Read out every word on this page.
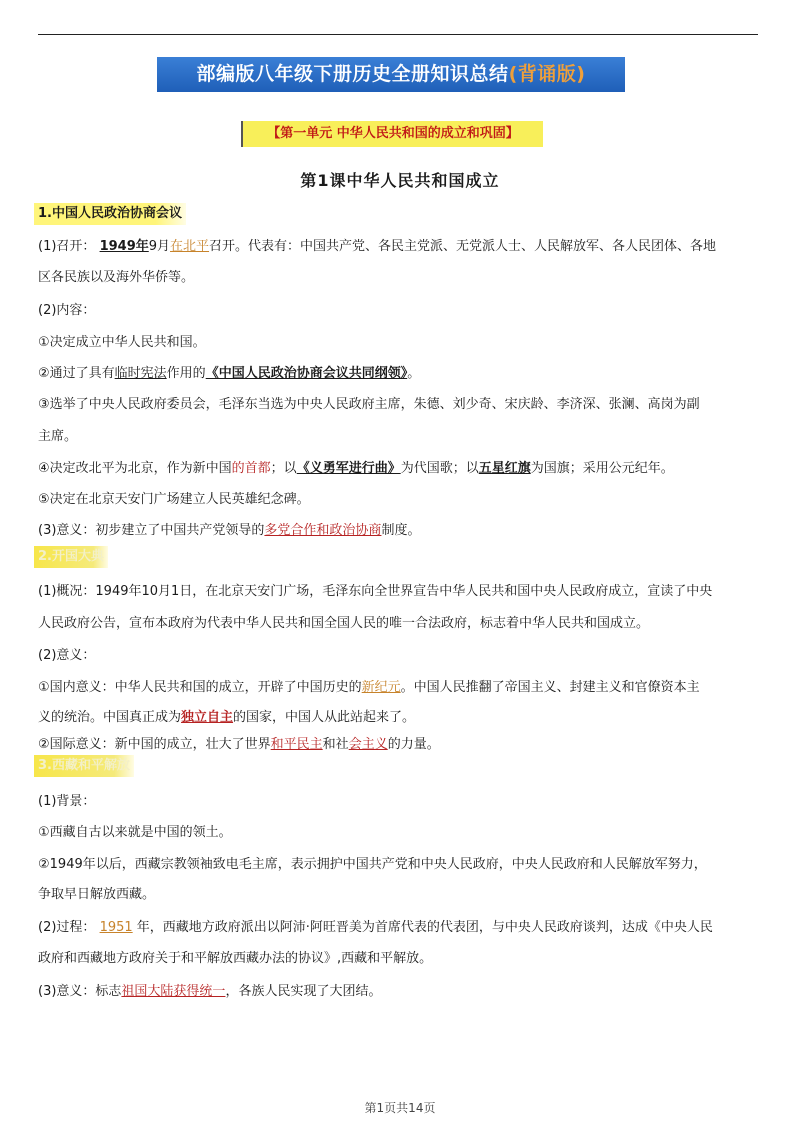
部编版八年级下册历史全册知识总结(背诵版)
【第一单元 中华人民共和国的成立和巩固】
第1课中华人民共和国成立
1.中国人民政治协商会议
(1)召开： 1949年9月在北平召开。代表有：中国共产党、各民主党派、无党派人士、人民解放军、各人民团体、各地
区各民族以及海外华侨等。
(2)内容：
①决定成立中华人民共和国。
②通过了具有临时宪法作用的《中国人民政治协商会议共同纲领》。
③选举了中央人民政府委员会，毛泽东当选为中央人民政府主席，朱德、刘少奇、宋庆龄、李济深、张澜、高岗为副
主席。
④决定改北平为北京，作为新中国的首都；以《义勇军进行曲》为代国歌；以五星红旗为国旗；采用公元纪年。
⑤决定在北京天安门广场建立人民英雄纪念碑。
(3)意义：初步建立了中国共产党领导的多党合作和政治协商制度。
2.开国大典
(1)概况：1949年10月1日，在北京天安门广场，毛泽东向全世界宣告中华人民共和国中央人民政府成立，宣读了中央
人民政府公告，宣布本政府为代表中华人民共和国全国人民的唯一合法政府，标志着中华人民共和国成立。
(2)意义：
①国内意义：中华人民共和国的成立，开辟了中国历史的新纪元。中国人民推翻了帝国主义、封建主义和官僚资本主
义的统治。中国真正成为独立自主的国家，中国人从此站起来了。
②国际意义：新中国的成立，壮大了世界和平民主和社会主义的力量。
3.西藏和平解放
(1)背景：
①西藏自古以来就是中国的领土。
②1949年以后，西藏宗教领袖致电毛主席，表示拥护中国共产党和中央人民政府，中央人民政府和人民解放军努力，
争取早日解放西藏。
(2)过程： 1951 年，西藏地方政府派出以阿沛·阿旺晋美为首席代表的代表团，与中央人民政府谈判，达成《中央人民
政府和西藏地方政府关于和平解放西藏办法的协议》,西藏和平解放。
(3)意义：标志祖国大陆获得统一，各族人民实现了大团结。
第1页共14页
